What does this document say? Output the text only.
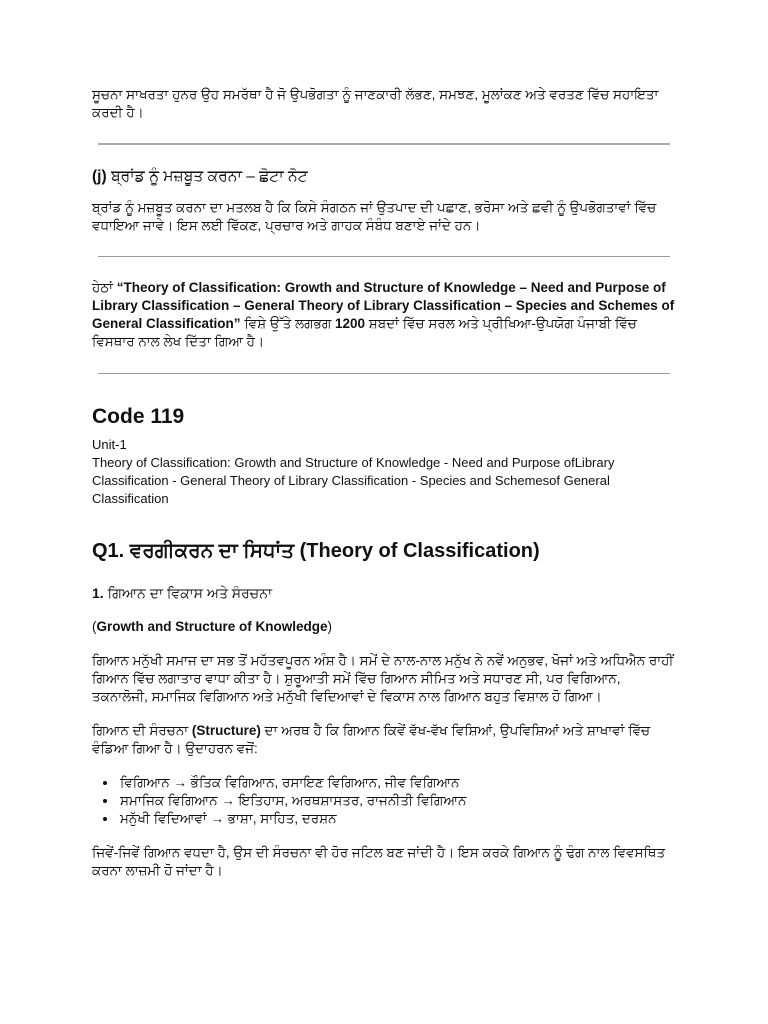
ਸੂਚਨਾ ਸਾਖਰਤਾ ਹੁਨਰ ਉਹ ਸਮਰੱਥਾ ਹੈ ਜੋ ਉਪਭੋਗਤਾ ਨੂੰ ਜਾਣਕਾਰੀ ਲੱਭਣ, ਸਮਝਣ, ਮੂਲਾਂਕਣ ਅਤੇ ਵਰਤਣ ਵਿੱਚ ਸਹਾਇਤਾ ਕਰਦੀ ਹੈ।

(j) ਬ੍ਰਾਂਡ ਨੂੰ ਮਜ਼ਬੂਤ ਕਰਨਾ – ਛੋਟਾ ਨੋਟ

ਬ੍ਰਾਂਡ ਨੂੰ ਮਜ਼ਬੂਤ ਕਰਨਾ ਦਾ ਮਤਲਬ ਹੈ ਕਿ ਕਿਸੇ ਸੰਗਠਨ ਜਾਂ ਉਤਪਾਦ ਦੀ ਪਛਾਣ, ਭਰੋਸਾ ਅਤੇ ਛਵੀ ਨੂੰ ਉਪਭੋਗਤਾਵਾਂ ਵਿੱਚ ਵਧਾਇਆ ਜਾਵੇ। ਇਸ ਲਈ ਵਿੱਕਣ, ਪ੍ਰਚਾਰ ਅਤੇ ਗਾਹਕ ਸੰਬੰਧ ਬਣਾਏ ਜਾਂਦੇ ਹਨ।

ਹੇਠਾਂ “Theory of Classification: Growth and Structure of Knowledge – Need and Purpose of Library Classification – General Theory of Library Classification – Species and Schemes of General Classification” ਵਿਸ਼ੇ ਉੱਤੇ ਲਗਭਗ 1200 ਸ਼ਬਦਾਂ ਵਿੱਚ ਸਰਲ ਅਤੇ ਪ੍ਰੀਖਿਆ-ਉਪਯੋਗ ਪੰਜਾਬੀ ਵਿੱਚ ਵਿਸਥਾਰ ਨਾਲ ਲੇਖ ਦਿੱਤਾ ਗਿਆ ਹੈ।

Code 119

Unit-1

Theory of Classification: Growth and Structure of Knowledge - Need and Purpose ofLibrary Classification - General Theory of Library Classification - Species and Schemesof General Classification

Q1. ਵਰਗੀਕਰਨ ਦਾ ਸਿਧਾਂਤ (Theory of Classification)
1. ਗਿਆਨ ਦਾ ਵਿਕਾਸ ਅਤੇ ਸੰਰਚਨਾ

(Growth and Structure of Knowledge)

ਗਿਆਨ ਮਨੁੱਖੀ ਸਮਾਜ ਦਾ ਸਭ ਤੋਂ ਮਹੱਤਵਪੂਰਨ ਅੰਸ਼ ਹੈ। ਸਮੇਂ ਦੇ ਨਾਲ-ਨਾਲ ਮਨੁੱਖ ਨੇ ਨਵੇਂ ਅਨੁਭਵ, ਖੋਜਾਂ ਅਤੇ ਅਧਿਐਨ ਰਾਹੀਂ ਗਿਆਨ ਵਿੱਚ ਲਗਾਤਾਰ ਵਾਧਾ ਕੀਤਾ ਹੈ। ਸ਼ੁਰੂਆਤੀ ਸਮੇਂ ਵਿੱਚ ਗਿਆਨ ਸੀਮਿਤ ਅਤੇ ਸਧਾਰਣ ਸੀ, ਪਰ ਵਿਗਿਆਨ, ਤਕਨਾਲੋਜੀ, ਸਮਾਜਿਕ ਵਿਗਿਆਨ ਅਤੇ ਮਨੁੱਖੀ ਵਿਦਿਆਵਾਂ ਦੇ ਵਿਕਾਸ ਨਾਲ ਗਿਆਨ ਬਹੁਤ ਵਿਸ਼ਾਲ ਹੋ ਗਿਆ।

ਗਿਆਨ ਦੀ ਸੰਰਚਨਾ (Structure) ਦਾ ਅਰਥ ਹੈ ਕਿ ਗਿਆਨ ਕਿਵੇਂ ਵੱਖ-ਵੱਖ ਵਿਸ਼ਿਆਂ, ਉਪਵਿਸ਼ਿਆਂ ਅਤੇ ਸ਼ਾਖਾਵਾਂ ਵਿੱਚ ਵੰਡਿਆ ਗਿਆ ਹੈ। ਉਦਾਹਰਨ ਵਜੋਂ:

• ਵਿਗਿਆਨ → ਭੌਤਿਕ ਵਿਗਿਆਨ, ਰਸਾਇਣ ਵਿਗਿਆਨ, ਜੀਵ ਵਿਗਿਆਨ
• ਸਮਾਜਿਕ ਵਿਗਿਆਨ → ਇਤਿਹਾਸ, ਅਰਥਸ਼ਾਸਤਰ, ਰਾਜਨੀਤੀ ਵਿਗਿਆਨ
• ਮਨੁੱਖੀ ਵਿਦਿਆਵਾਂ → ਭਾਸ਼ਾ, ਸਾਹਿਤ, ਦਰਸ਼ਨ

ਜਿਵੇਂ-ਜਿਵੇਂ ਗਿਆਨ ਵਧਦਾ ਹੈ, ਉਸ ਦੀ ਸੰਰਚਨਾ ਵੀ ਹੋਰ ਜਟਿਲ ਬਣ ਜਾਂਦੀ ਹੈ। ਇਸ ਕਰਕੇ ਗਿਆਨ ਨੂੰ ਢੰਗ ਨਾਲ ਵਿਵਸਥਿਤ ਕਰਨਾ ਲਾਜ਼ਮੀ ਹੋ ਜਾਂਦਾ ਹੈ।
